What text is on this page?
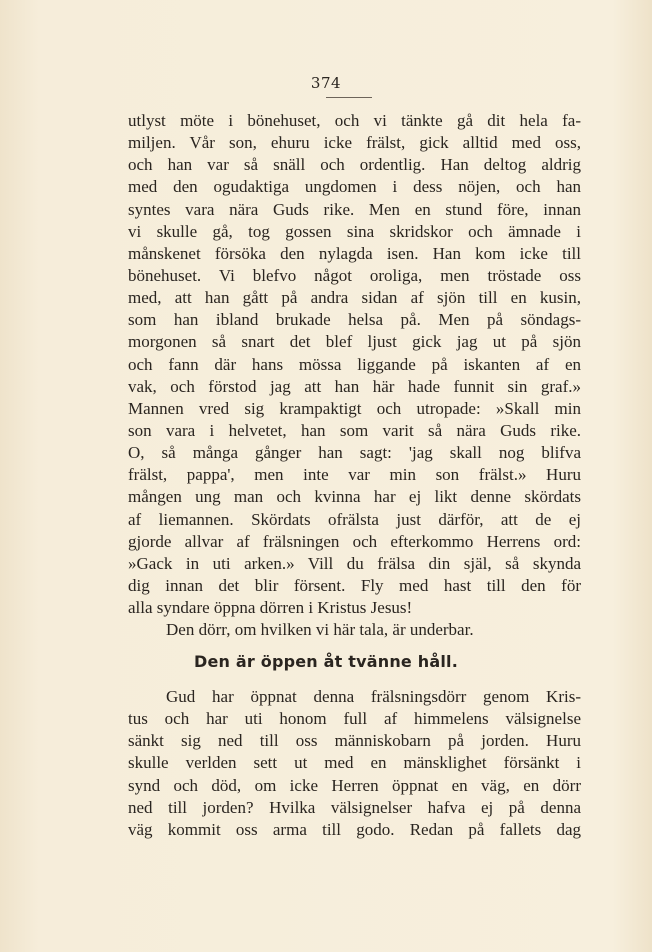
374
utlyst möte i bönehuset, och vi tänkte gå dit hela fa-
miljen. Vår son, ehuru icke frälst, gick alltid med oss,
och han var så snäll och ordentlig. Han deltog aldrig
med den ogudaktiga ungdomen i dess nöjen, och han
syntes vara nära Guds rike. Men en stund före, innan
vi skulle gå, tog gossen sina skridskor och ämnade i
månskenet försöka den nylagda isen. Han kom icke till
bönehuset. Vi blefvo något oroliga, men tröstade oss
med, att han gått på andra sidan af sjön till en kusin,
som han ibland brukade helsa på. Men på söndags-
morgonen så snart det blef ljust gick jag ut på sjön
och fann där hans mössa liggande på iskanten af en
vak, och förstod jag att han här hade funnit sin graf.»
Mannen vred sig krampaktigt och utropade: »Skall min
son vara i helvetet, han som varit så nära Guds rike.
O, så många gånger han sagt: 'jag skall nog blifva
frälst, pappa', men inte var min son frälst.» Huru
mången ung man och kvinna har ej likt denne skördats
af liemannen. Skördats ofrälsta just därför, att de ej
gjorde allvar af frälsningen och efterkommo Herrens ord:
»Gack in uti arken.» Vill du frälsa din själ, så skynda
dig innan det blir försent. Fly med hast till den för
alla syndare öppna dörren i Kristus Jesus!
Den dörr, om hvilken vi här tala, är underbar.
Den är öppen åt tvänne håll.
Gud har öppnat denna frälsningsdörr genom Kris-
tus och har uti honom full af himmelens välsignelse
sänkt sig ned till oss människobarn på jorden. Huru
skulle verlden sett ut med en mänsklighet försänkt i
synd och död, om icke Herren öppnat en väg, en dörr
ned till jorden? Hvilka välsignelser hafva ej på denna
väg kommit oss arma till godo. Redan på fallets dag
